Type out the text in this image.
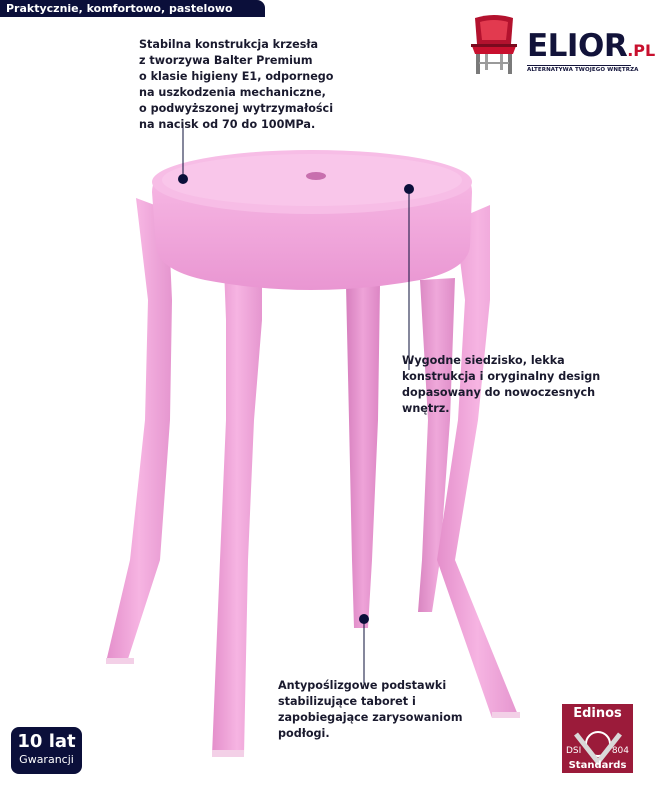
Praktycznie, komfortowo, pastelowo
ELIOR.PL
ALTERNATYWA TWOJEGO WNĘTRZA
Stabilna konstrukcja krzesła
z tworzywa Balter Premium
o klasie higieny E1, odpornego
na uszkodzenia mechaniczne,
o podwyższonej wytrzymałości
na nacisk od 70 do 100MPa.
Wygodne siedzisko, lekka
konstrukcja i oryginalny design
dopasowany do nowoczesnych
wnętrz.
Antypoślizgowe podstawki
stabilizujące taboret i
zapobiegające zarysowaniom
podłogi.
10 lat
Gwarancji
Edinos
DSI	804
Standards
